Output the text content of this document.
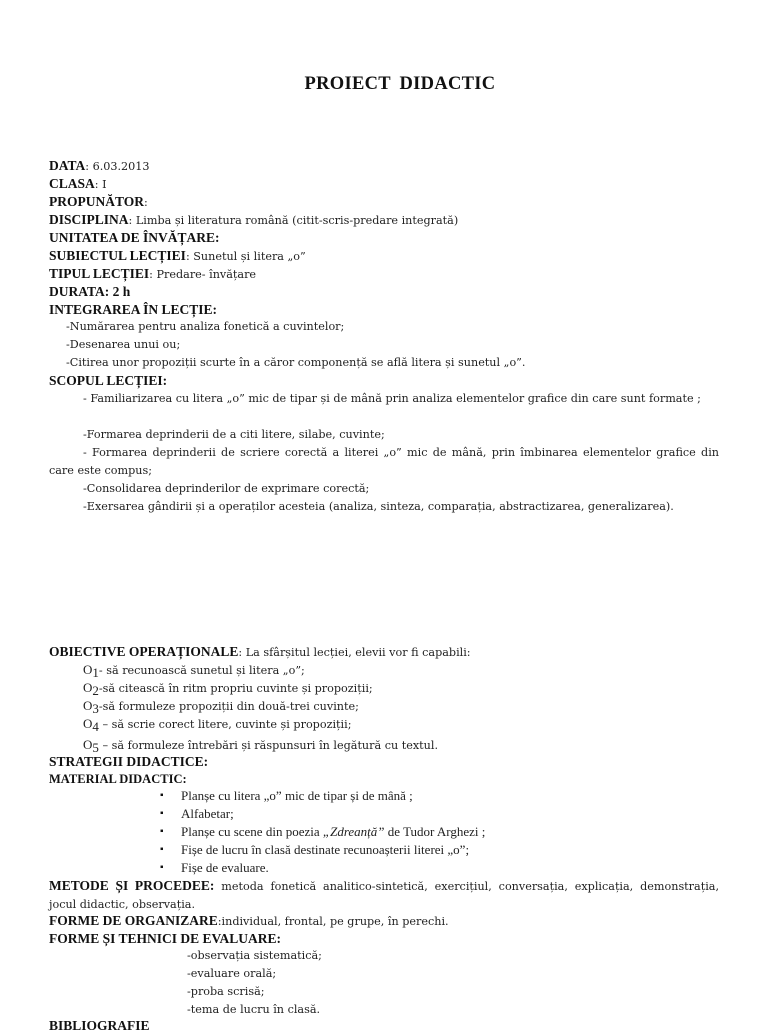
PROIECT DIDACTIC
DATA: 6.03.2013
CLASA: I
PROPUNĂTOR:
DISCIPLINA: Limba și literatura română (citit-scris-predare integrată)
UNITATEA DE ÎNVĂȚARE:
SUBIECTUL LECȚIEI: Sunetul și litera „o”
TIPUL LECȚIEI: Predare- învățare
DURATA: 2 h
INTEGRAREA ÎN LECȚIE:
-Numărarea pentru analiza fonetică a cuvintelor;
-Desenarea unui ou;
-Citirea unor propoziții scurte în a căror componență se află litera și sunetul „o”.
SCOPUL LECȚIEI:
- Familiarizarea cu litera „o” mic de tipar și de mână prin analiza elementelor grafice din care sunt formate ;
-Formarea deprinderii de a citi litere, silabe, cuvinte;
- Formarea deprinderii de scriere corectă a literei „o” mic de mână, prin îmbinarea elementelor grafice din care este compus;
-Consolidarea deprinderilor de exprimare corectă;
-Exersarea gândirii și a operaților acesteia (analiza, sinteza, comparația, abstractizarea, generalizarea).
OBIECTIVE OPERAȚIONALE: La sfârșitul lecției, elevii vor fi capabili:
$O_1-$ să recunoască sunetul și litera „o”;
$O_2-să$ citească în ritm propriu cuvinte și propoziții;
$O_3-să$ formuleze propoziții din două-trei cuvinte;
$O_4$ – să scrie corect litere, cuvinte și propoziții;
$O_5$ – să formuleze întrebări și răspunsuri în legătură cu textul.
STRATEGII DIDACTICE:
MATERIAL DIDACTIC:
▪ Planșe cu litera „o” mic de tipar și de mână ;
▪ Alfabetar;
▪ Planșe cu scene din poezia „Zdreanță” de Tudor Arghezi ;
▪ Fișe de lucru în clasă destinate recunoașterii literei „o”;
▪ Fișe de evaluare.
METODE ȘI PROCEDEE: metoda fonetică analitico-sintetică, exercițiul, conversația, explicația, demonstrația, jocul didactic, observația.
FORME DE ORGANIZARE:individual, frontal, pe grupe, în perechi.
FORME ȘI TEHNICI DE EVALUARE:
-observația sistematică;
-evaluare orală;
-proba scrisă;
-tema de lucru în clasă.
BIBLIOGRAFIE
